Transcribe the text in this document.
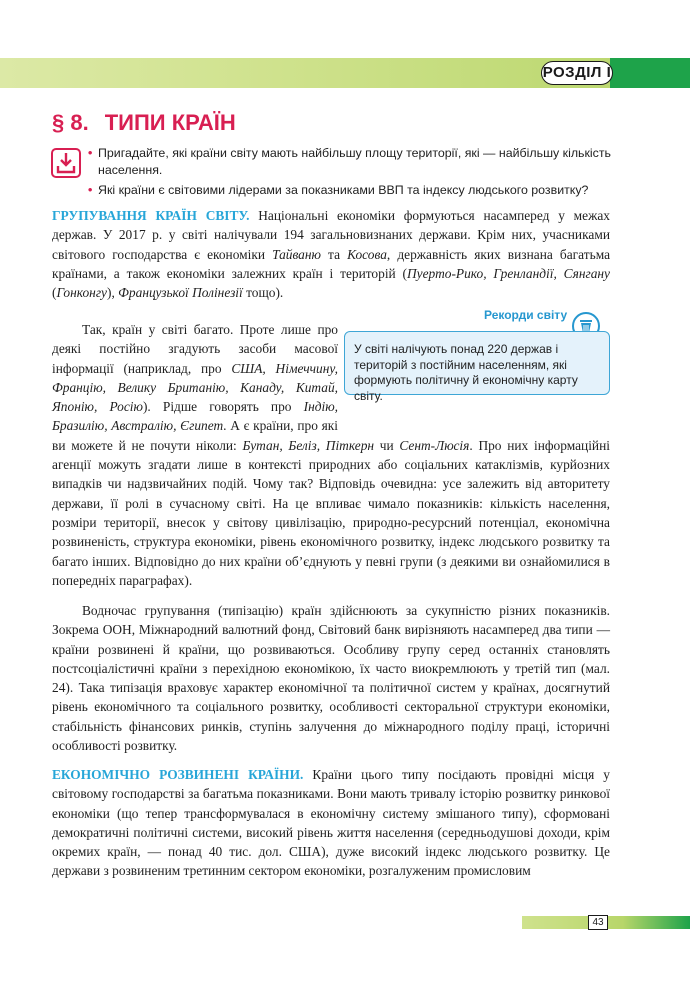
РОЗДІЛ І
§ 8. ТИПИ КРАЇН
• Пригадайте, які країни світу мають найбільшу площу території, які — найбільшу кількість населення.
• Які країни є світовими лідерами за показниками ВВП та індексу людського розвитку?

ГРУПУВАННЯ КРАЇН СВІТУ. Національні економіки формуються насамперед у межах держав. У 2017 р. у світі налічували 194 загальновизнаних держави. Крім них, учасниками світового господарства є економіки Тайваню та Косова, державність яких визнана багатьма країнами, а також економіки залежних країн і територій (Пуерто-Рико, Гренландії, Сянгану (Гонконгу), Французької Полінезії тощо).

Так, країн у світі багато. Проте лише про деякі постійно згадують засоби масової інформації (наприклад, про США, Німеччину, Францію, Велику Британію, Канаду, Китай, Японію, Росію). Рідше говорять про Індію, Бразилію, Австралію, Єгипет. А є країни, про які ви можете й не почути ніколи: Бутан, Беліз, Піткерн чи Сент-Люсія. Про них інформаційні агенції можуть згадати лише в контексті природних або соціальних катаклізмів, курйозних випадків чи надзвичайних подій. Чому так? Відповідь очевидна: усе залежить від авторитету держави, її ролі в сучасному світі. На це впливає чимало показників: кількість населення, розміри території, внесок у світову цивілізацію, природно-ресурсний потенціал, економічна розвиненість, структура економіки, рівень економічного розвитку, індекс людського розвитку та багато інших. Відповідно до них країни об’єднують у певні групи (з деякими ви ознайомилися в попередніх параграфах).

Водночас групування (типізацію) країн здійснюють за сукупністю різних показників. Зокрема ООН, Міжнародний валютний фонд, Світовий банк вирізняють насамперед два типи — країни розвинені й країни, що розвиваються. Особливу групу серед останніх становлять постсоціалістичні країни з перехідною економікою, їх часто виокремлюють у третій тип (мал. 24). Така типізація враховує характер економічної та політичної систем у країнах, досягнутий рівень економічного та соціального розвитку, особливості секторальної структури економіки, стабільність фінансових ринків, ступінь залучення до міжнародного поділу праці, історичні особливості розвитку.

ЕКОНОМІЧНО РОЗВИНЕНІ КРАЇНИ. Країни цього типу посідають провідні місця у світовому господарстві за багатьма показниками. Вони мають тривалу історію розвитку ринкової економіки (що тепер трансформувалася в економічну систему змішаного типу), сформовані демократичні політичні системи, високий рівень життя населення (середньодушові доходи, крім окремих країн, — понад 40 тис. дол. США), дуже високий індекс людського розвитку. Це держави з розвиненим третинним сектором економіки, розгалуженим промисловим

Рекорди світу
У світі налічують понад 220 держав і територій з постійним населенням, які формують політичну й економічну карту світу.
43
